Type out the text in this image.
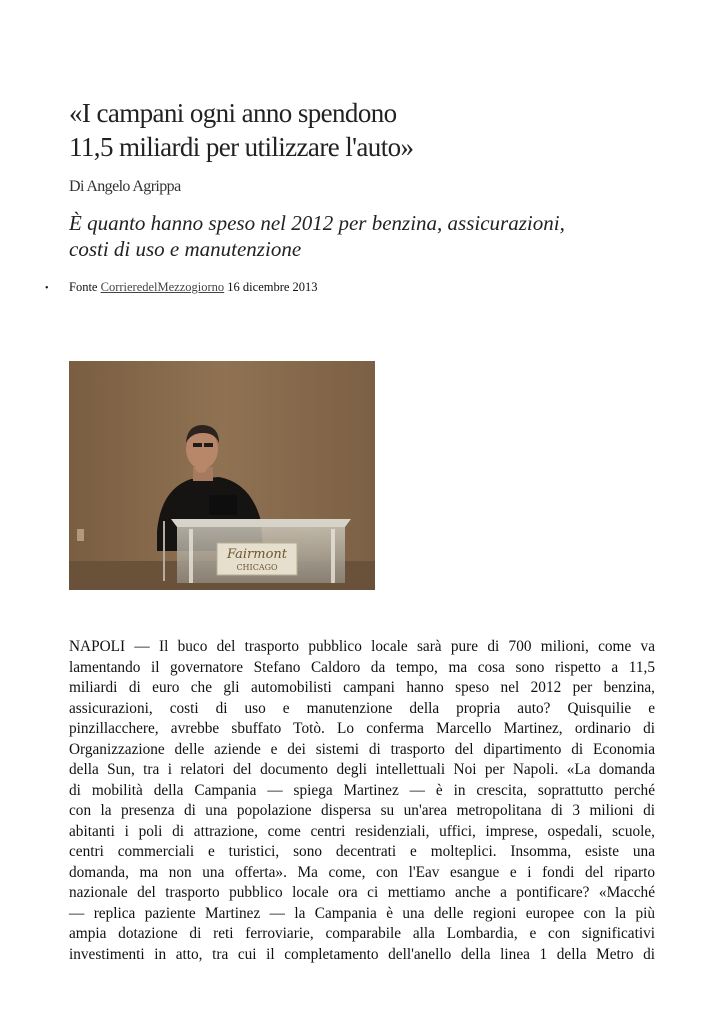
«I campani ogni anno spendono
11,5 miliardi per utilizzare l'auto»
Di Angelo Agrippa
È quanto hanno speso nel 2012 per benzina, assicurazioni,
costi di uso e manutenzione
• Fonte CorrieredelMezzogiorno 16 dicembre 2013
Fairmont
CHICAGO
NAPOLI — Il buco del trasporto pubblico locale sarà pure di 700 milioni, come va
lamentando il governatore Stefano Caldoro da tempo, ma cosa sono rispetto a 11,5
miliardi di euro che gli automobilisti campani hanno speso nel 2012 per benzina,
assicurazioni, costi di uso e manutenzione della propria auto? Quisquilie e
pinzillacchere, avrebbe sbuffato Totò. Lo conferma Marcello Martinez, ordinario di
Organizzazione delle aziende e dei sistemi di trasporto del dipartimento di Economia
della Sun, tra i relatori del documento degli intellettuali Noi per Napoli. «La domanda
di mobilità della Campania — spiega Martinez — è in crescita, soprattutto perché
con la presenza di una popolazione dispersa su un'area metropolitana di 3 milioni di
abitanti i poli di attrazione, come centri residenziali, uffici, imprese, ospedali, scuole,
centri commerciali e turistici, sono decentrati e molteplici. Insomma, esiste una
domanda, ma non una offerta». Ma come, con l'Eav esangue e i fondi del riparto
nazionale del trasporto pubblico locale ora ci mettiamo anche a pontificare? «Macché
— replica paziente Martinez — la Campania è una delle regioni europee con la più
ampia dotazione di reti ferroviarie, comparabile alla Lombardia, e con significativi
investimenti in atto, tra cui il completamento dell'anello della linea 1 della Metro di
